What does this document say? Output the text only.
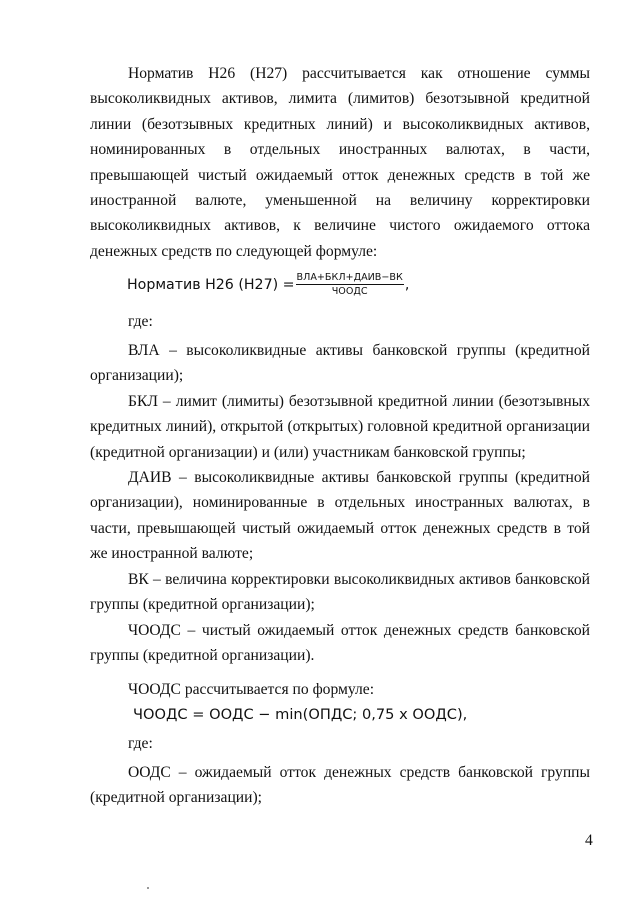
Норматив Н26 (Н27) рассчитывается как отношение суммы высоколиквидных активов, лимита (лимитов) безотзывной кредитной линии (безотзывных кредитных линий) и высоколиквидных активов, номинированных в отдельных иностранных валютах, в части, превышающей чистый ожидаемый отток денежных средств в той же иностранной валюте, уменьшенной на величину корректировки высоколиквидных активов, к величине чистого ожидаемого оттока денежных средств по следующей формуле:

Норматив Н26 $(Н27) = \frac{\text{ВЛА+БКЛ+ДАИВ−ВК}}{\text{ЧООДС}}$ ,

где:

ВЛА – высоколиквидные активы банковской группы (кредитной организации);

БКЛ – лимит (лимиты) безотзывной кредитной линии (безотзывных кредитных линий), открытой (открытых) головной кредитной организации (кредитной организации) и (или) участникам банковской группы;

ДАИВ – высоколиквидные активы банковской группы (кредитной организации), номинированные в отдельных иностранных валютах, в части, превышающей чистый ожидаемый отток денежных средств в той же иностранной валюте;

ВК – величина корректировки высоколиквидных активов банковской группы (кредитной организации);

ЧООДС – чистый ожидаемый отток денежных средств банковской группы (кредитной организации).

ЧООДС рассчитывается по формуле:

ЧООДС = ООДС − min(ОПДС; 0,75 x ООДС),

где:

ООДС – ожидаемый отток денежных средств банковской группы (кредитной организации);

4
